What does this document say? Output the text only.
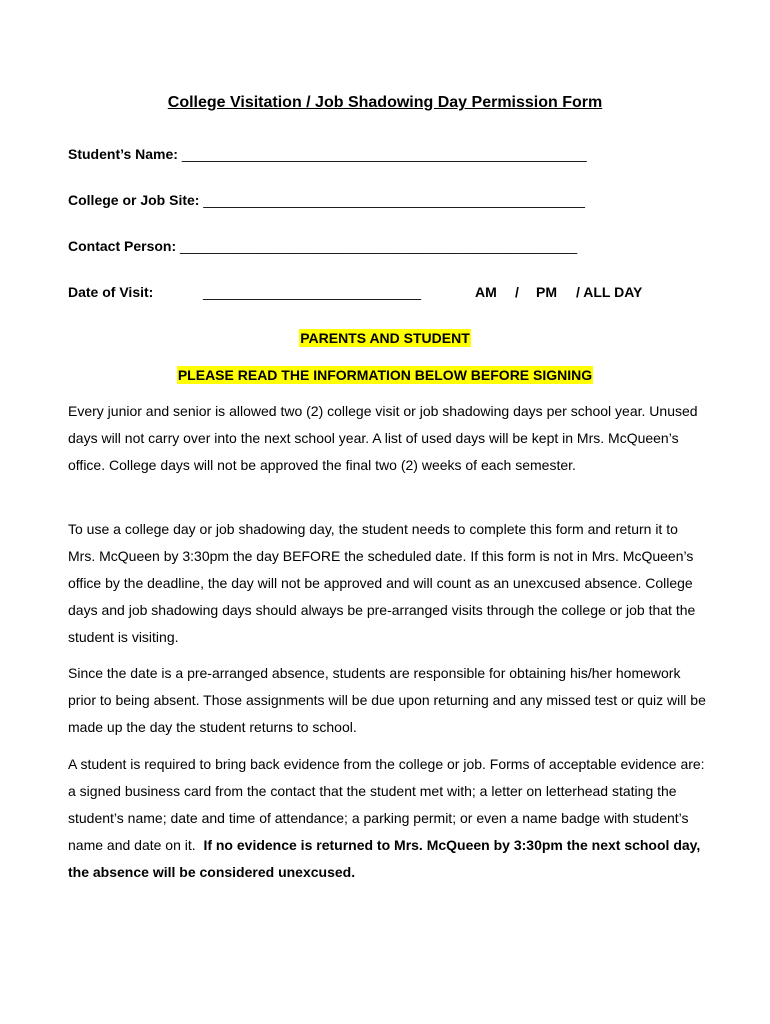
College Visitation / Job Shadowing Day Permission Form
Student’s Name: ____________________________________________________
College or Job Site: _________________________________________________
Contact Person: ___________________________________________________
Date of Visit:	____________________________	AM / PM / ALL DAY
PARENTS AND STUDENT
PLEASE READ THE INFORMATION BELOW BEFORE SIGNING

Every junior and senior is allowed two (2) college visit or job shadowing days per school year. Unused days will not carry over into the next school year. A list of used days will be kept in Mrs. McQueen’s office. College days will not be approved the final two (2) weeks of each semester.

To use a college day or job shadowing day, the student needs to complete this form and return it to Mrs. McQueen by 3:30pm the day BEFORE the scheduled date. If this form is not in Mrs. McQueen’s office by the deadline, the day will not be approved and will count as an unexcused absence. College days and job shadowing days should always be pre-arranged visits through the college or job that the student is visiting.

Since the date is a pre-arranged absence, students are responsible for obtaining his/her homework prior to being absent. Those assignments will be due upon returning and any missed test or quiz will be made up the day the student returns to school.

A student is required to bring back evidence from the college or job. Forms of acceptable evidence are: a signed business card from the contact that the student met with; a letter on letterhead stating the student’s name; date and time of attendance; a parking permit; or even a name badge with student’s name and date on it. If no evidence is returned to Mrs. McQueen by 3:30pm the next school day, the absence will be considered unexcused.
